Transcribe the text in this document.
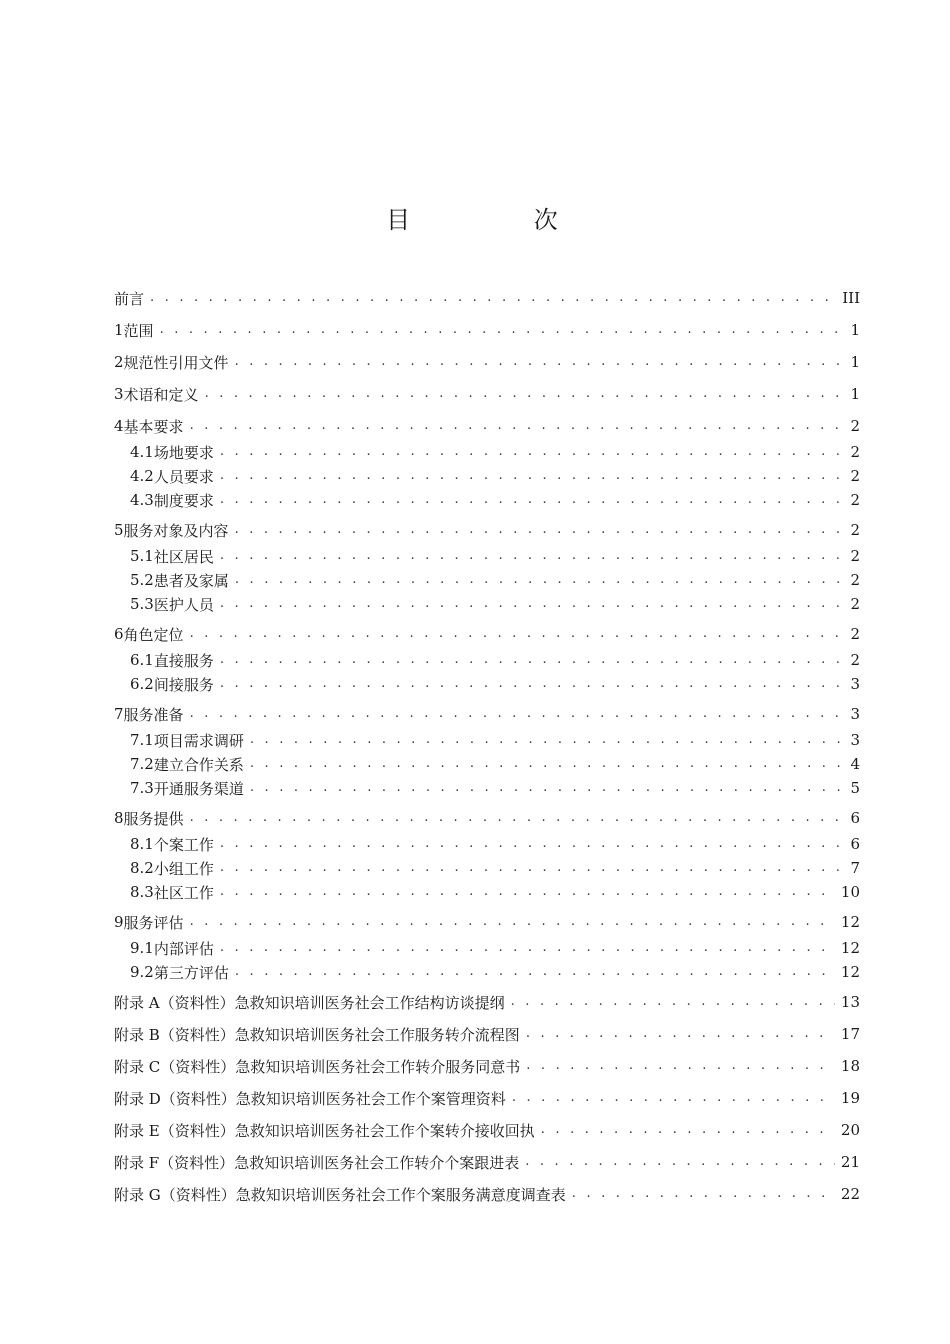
目 次
前言 . . .	III
1 范围 . . .	1
2 规范性引用文件 . . .	1
3 术语和定义 . . .	1
4 基本要求 . . .	2
4.1 场地要求 . . .	2
4.2 人员要求 . . .	2
4.3 制度要求 . . .	2
5 服务对象及内容 . . .	2
5.1 社区居民 . . .	2
5.2 患者及家属 . . .	2
5.3 医护人员 . . .	2
6 角色定位 . . .	2
6.1 直接服务 . . .	2
6.2 间接服务 . . .	3
7 服务准备 . . .	3
7.1 项目需求调研 . . .	3
7.2 建立合作关系 . . .	4
7.3 开通服务渠道 . . .	5
8 服务提供 . . .	6
8.1 个案工作 . . .	6
8.2 小组工作 . . .	7
8.3 社区工作 . . .	10
9 服务评估 . . .	12
9.1 内部评估 . . .	12
9.2 第三方评估 . . .	12
附录 A（资料性） 急救知识培训医务社会工作结构访谈提纲 . . .	13
附录 B（资料性） 急救知识培训医务社会工作服务转介流程图 . . .	17
附录 C（资料性） 急救知识培训医务社会工作转介服务同意书 . . .	18
附录 D（资料性） 急救知识培训医务社会工作个案管理资料 . . .	19
附录 E（资料性） 急救知识培训医务社会工作个案转介接收回执 . . .	20
附录 F（资料性） 急救知识培训医务社会工作转介个案跟进表 . . .	21
附录 G（资料性） 急救知识培训医务社会工作个案服务满意度调查表 . . .	22
